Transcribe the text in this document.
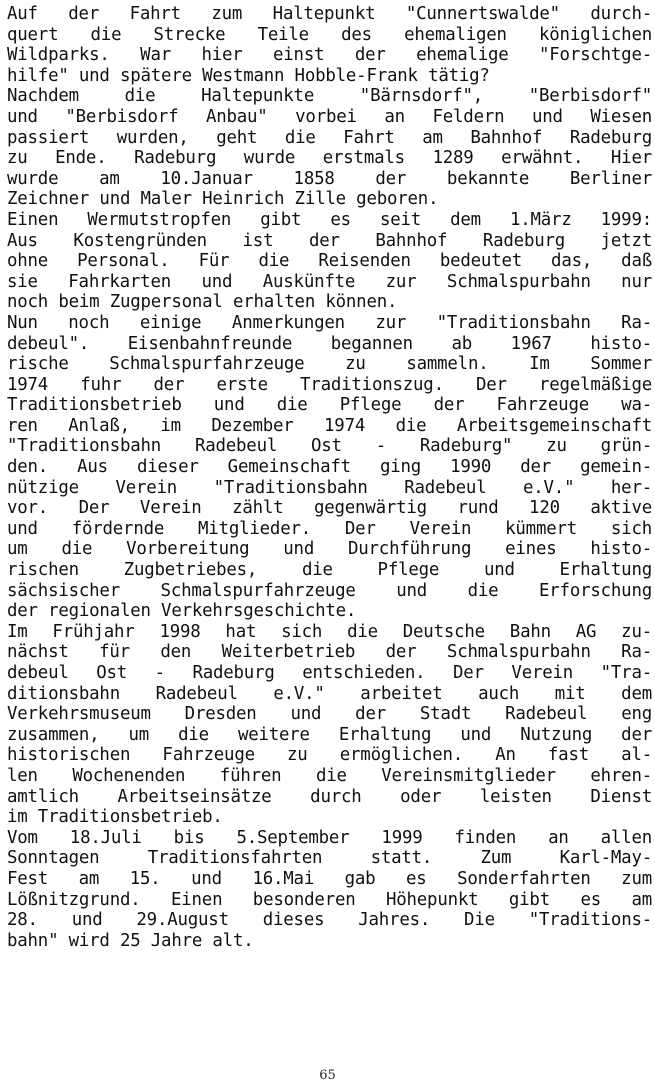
Auf der Fahrt zum Haltepunkt "Cunnertswalde" durch-
quert die Strecke Teile des ehemaligen königlichen
Wildparks. War hier einst der ehemalige "Forschtge-
hilfe" und spätere Westmann Hobble-Frank tätig?
Nachdem die Haltepunkte "Bärnsdorf", "Berbisdorf"
und "Berbisdorf Anbau" vorbei an Feldern und Wiesen
passiert wurden, geht die Fahrt am Bahnhof Radeburg
zu Ende. Radeburg wurde erstmals 1289 erwähnt. Hier
wurde am 10.Januar 1858 der bekannte Berliner
Zeichner und Maler Heinrich Zille geboren.
Einen Wermutstropfen gibt es seit dem 1.März 1999:
Aus Kostengründen ist der Bahnhof Radeburg jetzt
ohne Personal. Für die Reisenden bedeutet das, daß
sie Fahrkarten und Auskünfte zur Schmalspurbahn nur
noch beim Zugpersonal erhalten können.
Nun noch einige Anmerkungen zur "Traditionsbahn Ra-
debeul". Eisenbahnfreunde begannen ab 1967 histo-
rische Schmalspurfahrzeuge zu sammeln. Im Sommer
1974 fuhr der erste Traditionszug. Der regelmäßige
Traditionsbetrieb und die Pflege der Fahrzeuge wa-
ren Anlaß, im Dezember 1974 die Arbeitsgemeinschaft
"Traditionsbahn Radebeul Ost - Radeburg" zu grün-
den. Aus dieser Gemeinschaft ging 1990 der gemein-
nützige Verein "Traditionsbahn Radebeul e.V." her-
vor. Der Verein zählt gegenwärtig rund 120 aktive
und fördernde Mitglieder. Der Verein kümmert sich
um die Vorbereitung und Durchführung eines histo-
rischen Zugbetriebes, die Pflege und Erhaltung
sächsischer Schmalspurfahrzeuge und die Erforschung
der regionalen Verkehrsgeschichte.
Im Frühjahr 1998 hat sich die Deutsche Bahn AG zu-
nächst für den Weiterbetrieb der Schmalspurbahn Ra-
debeul Ost - Radeburg entschieden. Der Verein "Tra-
ditionsbahn Radebeul e.V." arbeitet auch mit dem
Verkehrsmuseum Dresden und der Stadt Radebeul eng
zusammen, um die weitere Erhaltung und Nutzung der
historischen Fahrzeuge zu ermöglichen. An fast al-
len Wochenenden führen die Vereinsmitglieder ehren-
amtlich Arbeitseinsätze durch oder leisten Dienst
im Traditionsbetrieb.
Vom 18.Juli bis 5.September 1999 finden an allen
Sonntagen Traditionsfahrten statt. Zum Karl-May-
Fest am 15. und 16.Mai gab es Sonderfahrten zum
Lößnitzgrund. Einen besonderen Höhepunkt gibt es am
28. und 29.August dieses Jahres. Die "Traditions-
bahn" wird 25 Jahre alt.
65
